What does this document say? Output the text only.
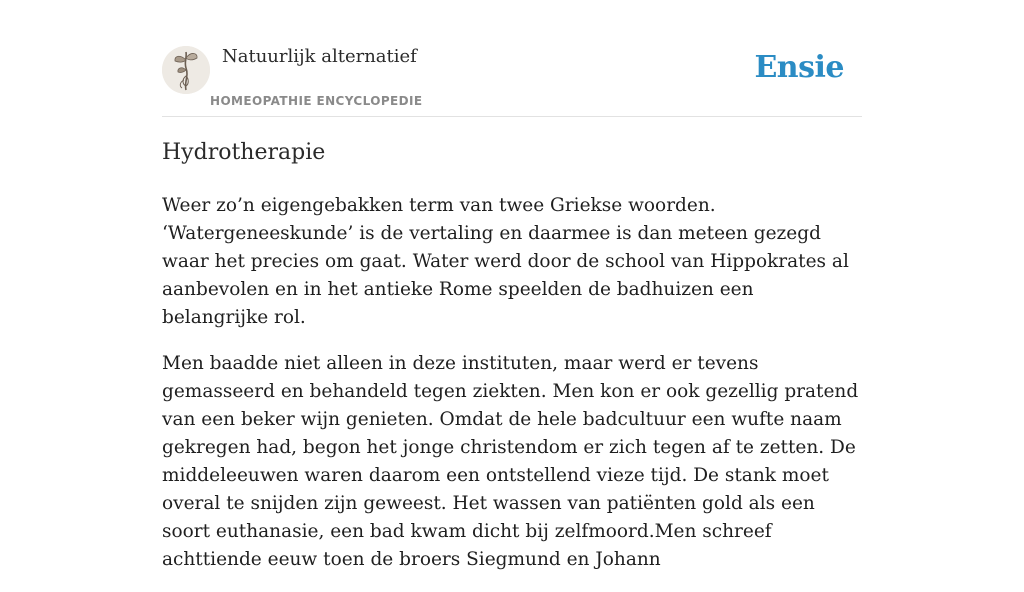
Natuurlijk alternatief
HOMEOPATHIE ENCYCLOPEDIE
Ensie
Hydrotherapie

Weer zo’n eigengebakken term van twee Griekse woorden. ‘Watergeneeskunde’ is de vertaling en daarmee is dan meteen gezegd waar het precies om gaat. Water werd door de school van Hippokrates al aanbevolen en in het antieke Rome speelden de badhuizen een belangrijke rol.

Men baadde niet alleen in deze instituten, maar werd er tevens gemasseerd en behandeld tegen ziekten. Men kon er ook gezellig pratend van een beker wijn genieten. Omdat de hele badcultuur een wufte naam gekregen had, begon het jonge christendom er zich tegen af te zetten. De middeleeuwen waren daarom een ontstellend vieze tijd. De stank moet overal te snijden zijn geweest. Het wassen van patiënten gold als een soort euthanasie, een bad kwam dicht bij zelfmoord.Men schreef achttiende eeuw toen de broers Siegmund en Johann
